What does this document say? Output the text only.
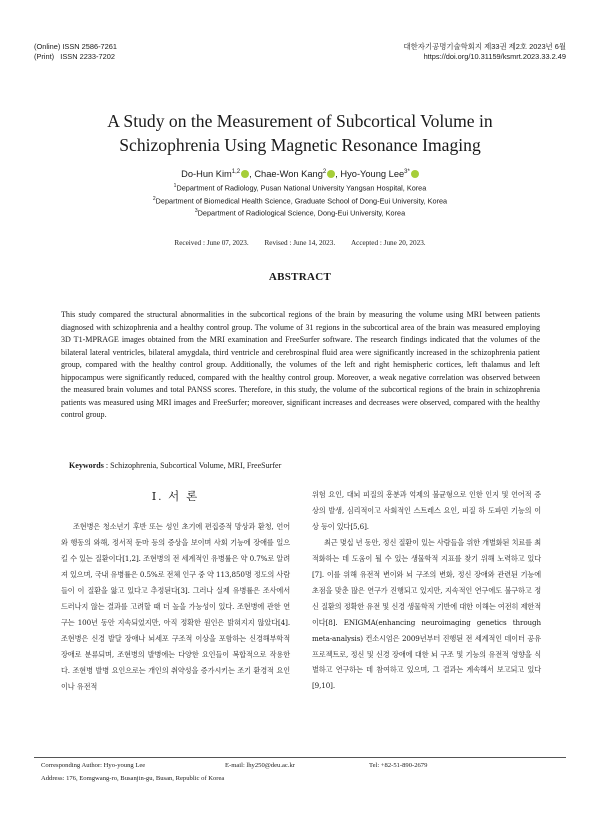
(Online) ISSN 2586-7261
(Print)   ISSN 2233-7202
대한자기공명기술학회지 제33권 제2호 2023년 6월
https://doi.org/10.31159/ksmrt.2023.33.2.49
A Study on the Measurement of Subcortical Volume in
Schizophrenia Using Magnetic Resonance Imaging
Do-Hun Kim$^{1,2}$ , Chae-Won Kang$^2$ , Hyo-Young Lee$^{3*}$
$^1$Department of Radiology, Pusan National University Yangsan Hospital, Korea
$^2$Department of Biomedical Health Science, Graduate School of Dong-Eui University, Korea
$^3$Department of Radiological Science, Dong-Eui University, Korea
Received : June 07, 2023. Revised : June 14, 2023. Accepted : June 20, 2023.
ABSTRACT
This study compared the structural abnormalities in the subcortical regions of the brain by measuring the volume using MRI between patients diagnosed with schizophrenia and a healthy control group. The volume of 31 regions in the subcortical area of the brain was measured employing 3D T1-MPRAGE images obtained from the MRI examination and FreeSurfer software. The research findings indicated that the volumes of the bilateral lateral ventricles, bilateral amygdala, third ventricle and cerebrospinal fluid area were significantly increased in the schizophrenia patient group, compared with the healthy control group. Additionally, the volumes of the left and right hemispheric cortices, left thalamus and left hippocampus were significantly reduced, compared with the healthy control group. Moreover, a weak negative correlation was observed between the measured brain volumes and total PANSS scores. Therefore, in this study, the volume of the subcortical regions of the brain in schizophrenia patients was measured using MRI images and FreeSurfer; moreover, significant increases and decreases were observed, compared with the healthy control group.
Keywords : Schizophrenia, Subcortical Volume, MRI, FreeSurfer
Ⅰ. 서 론

조현병은 청소년기 후반 또는 성인 초기에 편집증적 망상과 환청, 언어와 행동의 와해, 정서적 둔마 등의 증상을 보이며 사회 기능에 장애를 일으킬 수 있는 질환이다[1,2]. 조현병의 전 세계적인 유병률은 약 0.7%로 알려져 있으며, 국내 유병률은 0.5%로 전체 인구 중 약 113,850명 정도의 사람들이 이 질환을 앓고 있다고 추정된다[3]. 그러나 실제 유병률은 조사에서 드러나지 않는 결과를 고려할 때 더 높을 가능성이 있다. 조현병에 관한 연구는 100년 동안 지속되었지만, 아직 정확한 원인은 밝혀지지 않았다[4]. 조현병은 신경 발달 장애나 뇌세포 구조적 이상을 포함하는 신경해부학적 장애로 분류되며, 조현병의 발병에는 다양한 요인들이 복합적으로 작용한다. 조현병 발병 요인으로는 개인의 취약성을 증가시키는 조기 환경적 요인이나 유전적

위험 요인, 대뇌 피질의 흥분과 억제의 불균형으로 인한 인지 및 언어적 증상의 발생, 심리적이고 사회적인 스트레스 요인, 피질 하 도파민 기능의 이상 등이 있다[5,6].

최근 몇십 년 동안, 정신 질환이 있는 사람들을 위한 개별화된 치료를 최적화하는 데 도움이 될 수 있는 생물학적 지표를 찾기 위해 노력하고 있다[7]. 이를 위해 유전적 변이와 뇌 구조의 변화, 정신 장애와 관련된 기능에 초점을 맞춘 많은 연구가 진행되고 있지만, 지속적인 연구에도 불구하고 정신 질환의 정확한 유전 및 신경 생물학적 기반에 대한 이해는 여전히 제한적이다[8]. ENIGMA(enhancing neuroimaging genetics through meta-analysis) 컨소시엄은 2009년부터 진행된 전 세계적인 데이터 공유 프로젝트로, 정신 및 신경 장애에 대한 뇌 구조 및 기능의 유전적 영향을 식별하고 연구하는 데 참여하고 있으며, 그 결과는 계속해서 보고되고 있다[9,10].

Corresponding Author: Hyo-young Lee	E-mail: lhy250@deu.ac.kr	Tel: +82-51-890-2679
Address: 176, Eomgwang-ro, Busanjin-gu, Busan, Republic of Korea
